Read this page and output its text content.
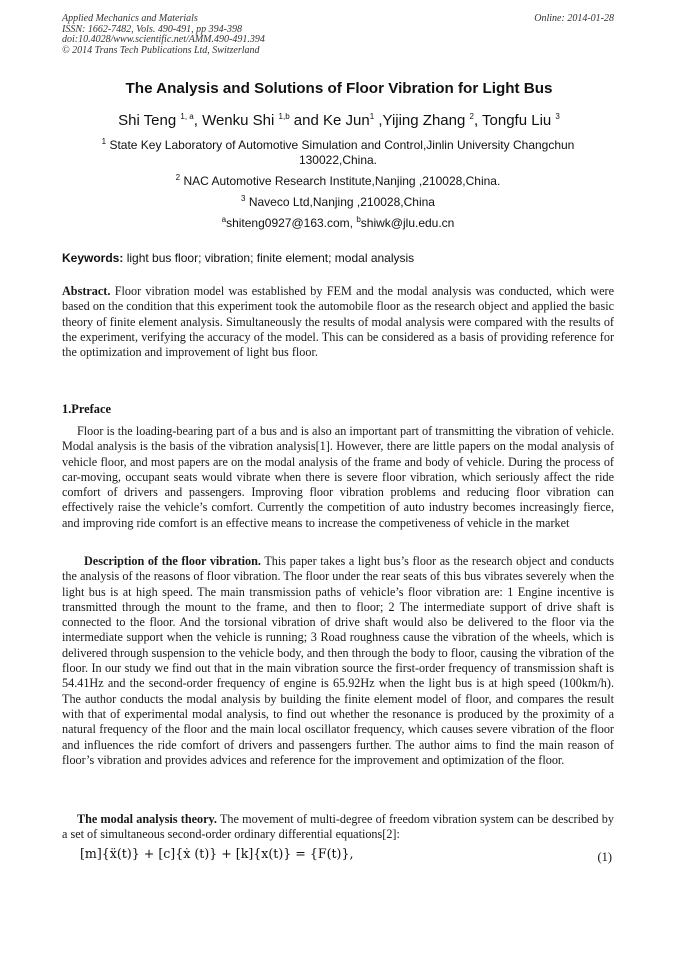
Applied Mechanics and Materials
ISSN: 1662-7482, Vols. 490-491, pp 394-398
doi:10.4028/www.scientific.net/AMM.490-491.394
© 2014 Trans Tech Publications Ltd, Switzerland
Online: 2014-01-28
The Analysis and Solutions of Floor Vibration for Light Bus
Shi Teng $^{1, a}$, Wenku Shi $^{1,b}$ and Ke Jun$^1$ ,Yijing Zhang $^2$, Tongfu Liu $^3$
$^1$ State Key Laboratory of Automotive Simulation and Control,Jinlin University Changchun
130022,China.
$^2$ NAC Automotive Research Institute,Nanjing ,210028,China.
$^3$ Naveco Ltd,Nanjing ,210028,China
$^a$shiteng0927@163.com, $^b$shiwk@jlu.edu.cn
Keywords: light bus floor; vibration; finite element; modal analysis
Abstract. Floor vibration model was established by FEM and the modal analysis was conducted, which were based on the condition that this experiment took the automobile floor as the research object and applied the basic theory of finite element analysis. Simultaneously the results of modal analysis were compared with the results of the experiment, verifying the accuracy of the model. This can be considered as a basis of providing reference for the optimization and improvement of light bus floor.
1.Preface
Floor is the loading-bearing part of a bus and is also an important part of transmitting the vibration of vehicle. Modal analysis is the basis of the vibration analysis[1]. However, there are little papers on the modal analysis of vehicle floor, and most papers are on the modal analysis of the frame and body of vehicle. During the process of car-moving, occupant seats would vibrate when there is severe floor vibration, which seriously affect the ride comfort of drivers and passengers. Improving floor vibration problems and reducing floor vibration can effectively raise the vehicle’s comfort. Currently the competition of auto industry becomes increasingly fierce, and improving ride comfort is an effective means to increase the competiveness of vehicle in the market
Description of the floor vibration. This paper takes a light bus’s floor as the research object and conducts the analysis of the reasons of floor vibration. The floor under the rear seats of this bus vibrates severely when the light bus is at high speed. The main transmission paths of vehicle’s floor vibration are: 1 Engine incentive is transmitted through the mount to the frame, and then to floor; 2 The intermediate support of drive shaft is connected to the floor. And the torsional vibration of drive shaft would also be delivered to the floor via the intermediate support when the vehicle is running; 3 Road roughness cause the vibration of the wheels, which is delivered through suspension to the vehicle body, and then through the body to floor, causing the vibration of the floor. In our study we find out that in the main vibration source the first-order frequency of transmission shaft is 54.41Hz and the second-order frequency of engine is 65.92Hz when the light bus is at high speed (100km/h). The author conducts the modal analysis by building the finite element model of floor, and compares the result with that of experimental modal analysis, to find out whether the resonance is produced by the proximity of a natural frequency of the floor and the main local oscillator frequency, which causes severe vibration of the floor and influences the ride comfort of drivers and passengers further. The author aims to find the main reason of floor’s vibration and provides advices and reference for the improvement and optimization of the floor.
The modal analysis theory. The movement of multi-degree of freedom vibration system can be described by a set of simultaneous second-order ordinary differential equations[2]:
[m]{ẍ(t)} + [c]{ẋ (t)} + [k]{x(t)} = {F(t)},	(1)
